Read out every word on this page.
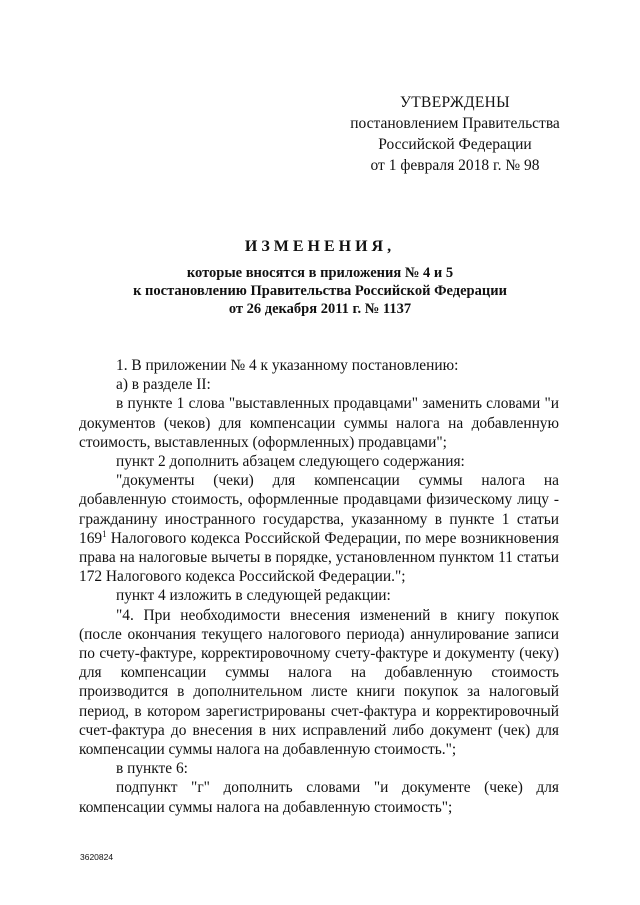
УТВЕРЖДЕНЫ
постановлением Правительства
Российской Федерации
от 1 февраля 2018 г. № 98
ИЗМЕНЕНИЯ,
которые вносятся в приложения № 4 и 5
к постановлению Правительства Российской Федерации
от 26 декабря 2011 г. № 1137

1. В приложении № 4 к указанному постановлению:

а) в разделе II:

в пункте 1 слова "выставленных продавцами" заменить словами "и документов (чеков) для компенсации суммы налога на добавленную стоимость, выставленных (оформленных) продавцами";

пункт 2 дополнить абзацем следующего содержания:

"документы (чеки) для компенсации суммы налога на добавленную стоимость, оформленные продавцами физическому лицу - гражданину иностранного государства, указанному в пункте 1 статьи $169^1$ Налогового кодекса Российской Федерации, по мере возникновения права на налоговые вычеты в порядке, установленном пунктом 11 статьи 172 Налогового кодекса Российской Федерации.";

пункт 4 изложить в следующей редакции:

"4. При необходимости внесения изменений в книгу покупок (после окончания текущего налогового периода) аннулирование записи по счету-фактуре, корректировочному счету-фактуре и документу (чеку) для компенсации суммы налога на добавленную стоимость производится в дополнительном листе книги покупок за налоговый период, в котором зарегистрированы счет-фактура и корректировочный счет-фактура до внесения в них исправлений либо документ (чек) для компенсации суммы налога на добавленную стоимость.";

в пункте 6:

подпункт "г" дополнить словами "и документе (чеке) для компенсации суммы налога на добавленную стоимость";

3620824
